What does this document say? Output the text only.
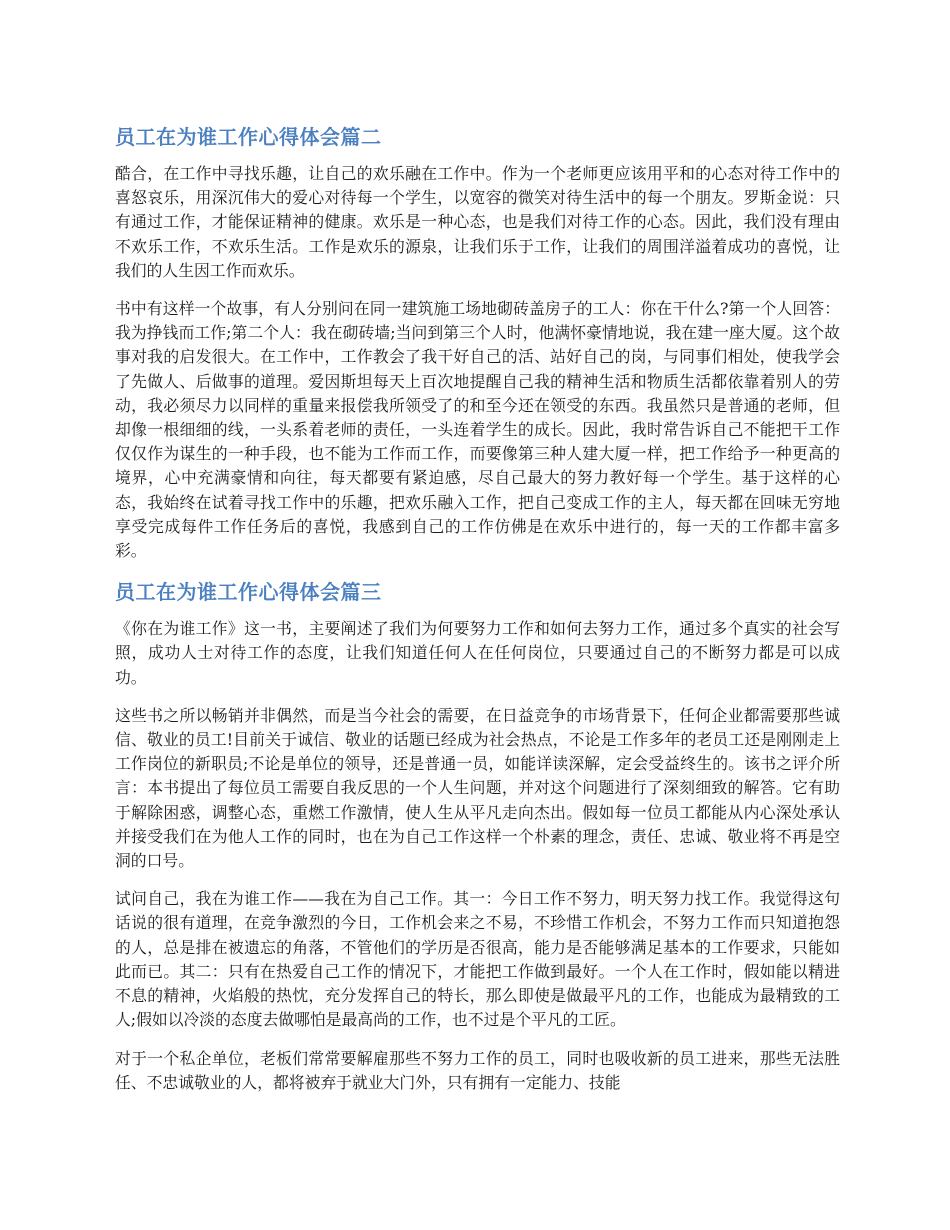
员工在为谁工作心得体会篇二

酷合，在工作中寻找乐趣，让自己的欢乐融在工作中。作为一个老师更应该用平和的心态对待工作中的喜怒哀乐，用深沉伟大的爱心对待每一个学生，以宽容的微笑对待生活中的每一个朋友。罗斯金说：只有通过工作，才能保证精神的健康。欢乐是一种心态，也是我们对待工作的心态。因此，我们没有理由不欢乐工作，不欢乐生活。工作是欢乐的源泉，让我们乐于工作，让我们的周围洋溢着成功的喜悦，让我们的人生因工作而欢乐。

书中有这样一个故事，有人分别问在同一建筑施工场地砌砖盖房子的工人：你在干什么?第一个人回答：我为挣钱而工作;第二个人：我在砌砖墙;当问到第三个人时，他满怀豪情地说，我在建一座大厦。这个故事对我的启发很大。在工作中，工作教会了我干好自己的活、站好自己的岗，与同事们相处，使我学会了先做人、后做事的道理。爱因斯坦每天上百次地提醒自己我的精神生活和物质生活都依靠着别人的劳动，我必须尽力以同样的重量来报偿我所领受了的和至今还在领受的东西。我虽然只是普通的老师，但却像一根细细的线，一头系着老师的责任，一头连着学生的成长。因此，我时常告诉自己不能把干工作仅仅作为谋生的一种手段，也不能为工作而工作，而要像第三种人建大厦一样，把工作给予一种更高的境界，心中充满豪情和向往，每天都要有紧迫感，尽自己最大的努力教好每一个学生。基于这样的心态，我始终在试着寻找工作中的乐趣，把欢乐融入工作，把自己变成工作的主人，每天都在回味无穷地享受完成每件工作任务后的喜悦，我感到自己的工作仿佛是在欢乐中进行的，每一天的工作都丰富多彩。

员工在为谁工作心得体会篇三

《你在为谁工作》这一书，主要阐述了我们为何要努力工作和如何去努力工作，通过多个真实的社会写照，成功人士对待工作的态度，让我们知道任何人在任何岗位，只要通过自己的不断努力都是可以成功。

这些书之所以畅销并非偶然，而是当今社会的需要，在日益竞争的市场背景下，任何企业都需要那些诚信、敬业的员工!目前关于诚信、敬业的话题已经成为社会热点，不论是工作多年的老员工还是刚刚走上工作岗位的新职员;不论是单位的领导，还是普通一员，如能详读深解，定会受益终生的。该书之评介所言：本书提出了每位员工需要自我反思的一个人生问题，并对这个问题进行了深刻细致的解答。它有助于解除困惑，调整心态，重燃工作激情，使人生从平凡走向杰出。假如每一位员工都能从内心深处承认并接受我们在为他人工作的同时，也在为自己工作这样一个朴素的理念，责任、忠诚、敬业将不再是空洞的口号。

试问自己，我在为谁工作——我在为自己工作。其一：今日工作不努力，明天努力找工作。我觉得这句话说的很有道理，在竞争激烈的今日，工作机会来之不易，不珍惜工作机会，不努力工作而只知道抱怨的人，总是排在被遗忘的角落，不管他们的学历是否很高，能力是否能够满足基本的工作要求，只能如此而已。其二：只有在热爱自己工作的情况下，才能把工作做到最好。一个人在工作时，假如能以精进不息的精神，火焰般的热忱，充分发挥自己的特长，那么即使是做最平凡的工作，也能成为最精致的工人;假如以冷淡的态度去做哪怕是最高尚的工作，也不过是个平凡的工匠。

对于一个私企单位，老板们常常要解雇那些不努力工作的员工，同时也吸收新的员工进来，那些无法胜任、不忠诚敬业的人，都将被弃于就业大门外，只有拥有一定能力、技能
